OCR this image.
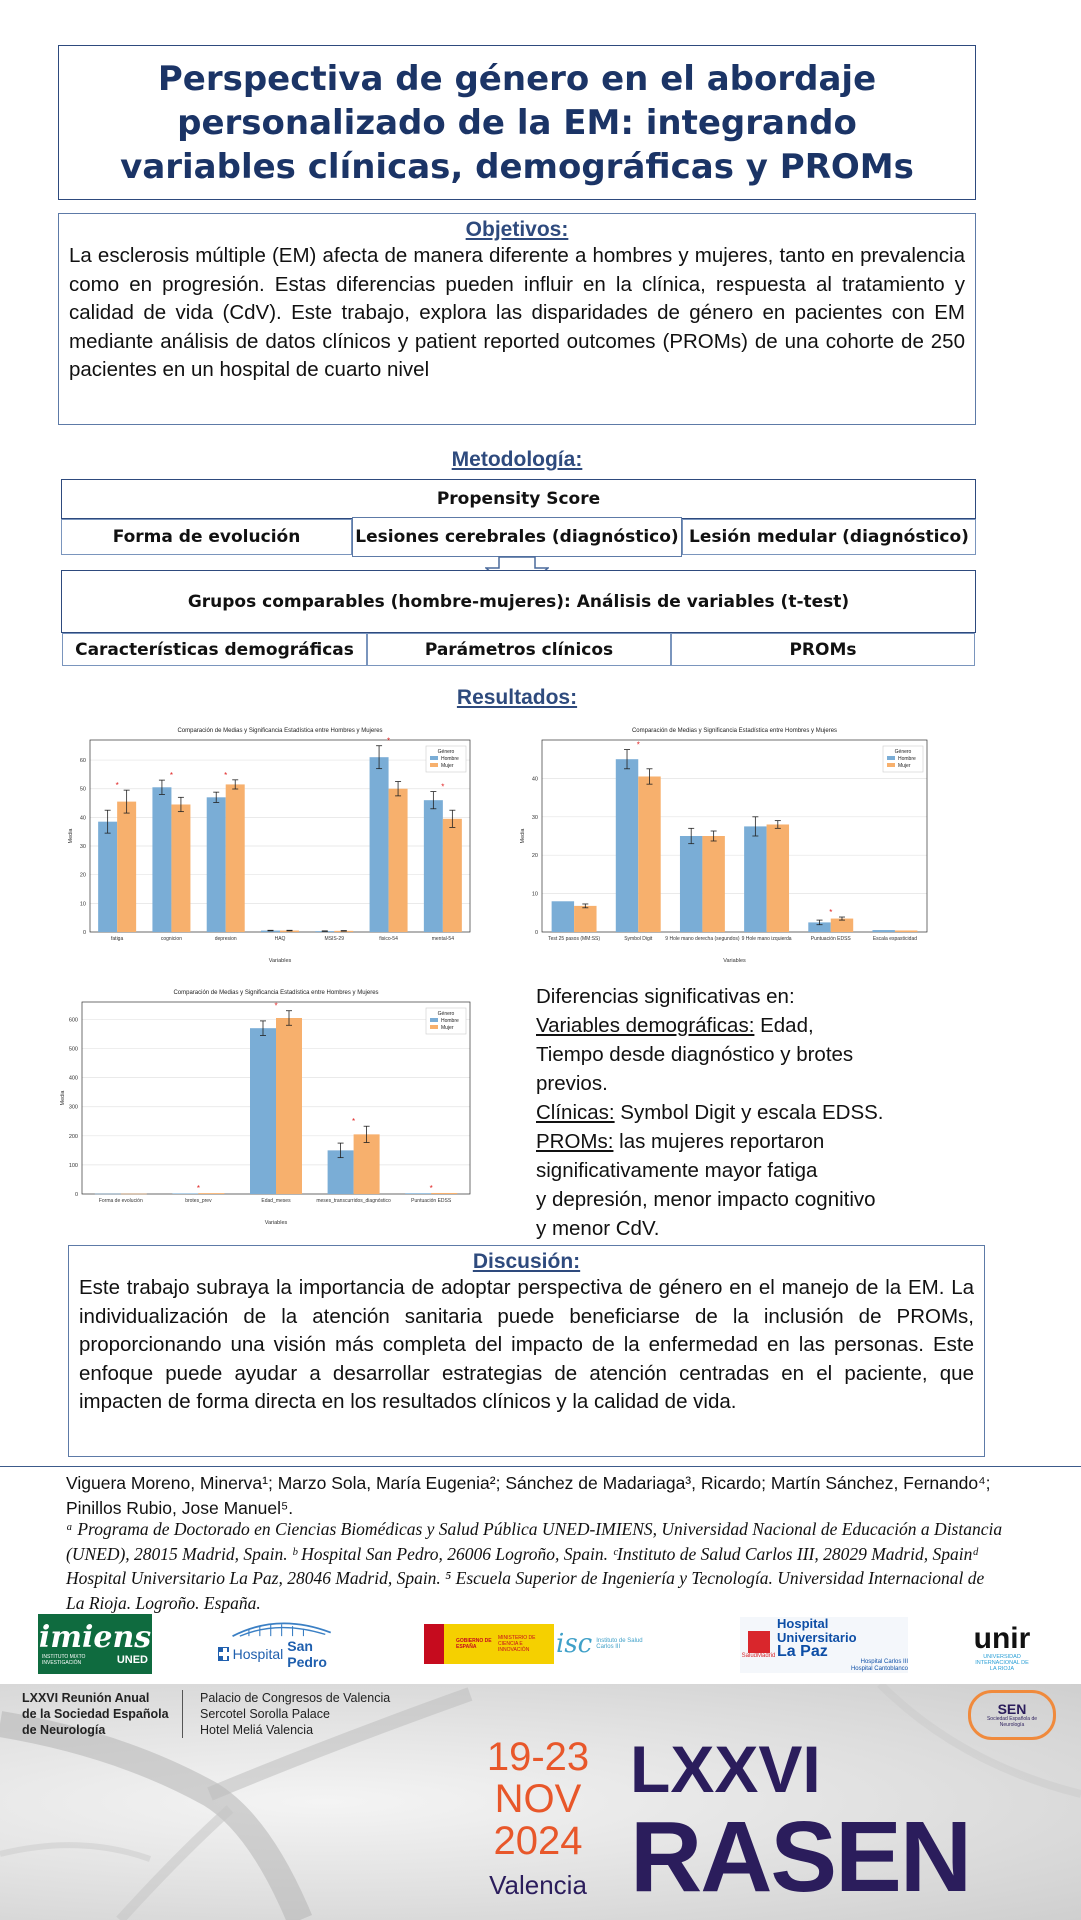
Perspectiva de género en el abordaje personalizado de la EM: integrando variables clínicas, demográficas y PROMs
Objetivos:

La esclerosis múltiple (EM) afecta de manera diferente a hombres y mujeres, tanto en prevalencia como en progresión. Estas diferencias pueden influir en la clínica, respuesta al tratamiento y calidad de vida (CdV). Este trabajo, explora las disparidades de género en pacientes con EM mediante análisis de datos clínicos y patient reported outcomes (PROMs) de una cohorte de 250 pacientes en un hospital de cuarto nivel

Metodología:
Propensity Score
Forma de evolución	Lesiones cerebrales (diagnóstico) Lesión medular (diagnóstico)
Grupos comparables (hombre-mujeres): Análisis de variables (t-test)
Características demográficas	Parámetros clínicos	PROMs
Resultados:
Comparación de Medias y Significancia Estadística entre Hombres y Mujeres
0
10
20
30
40
50
60
Media
Variables
*
fatiga
*
cognicion
*
depresion	HAQ	MSIS-29
*
fisico-54
*
mental-54
Género
Hombre
Mujer
Comparación de Medias y Significancia Estadística entre Hombres y Mujeres
0
10
20
30
40
Media
Variables
Test 25 pasos (MM:SS)
*
Symbol Digit	9 Hole mano derecha (segundos) 9 Hole mano izquierda
*
Puntuación EDSS	Escala espasticidad
Género
Hombre
Mujer
Comparación de Medias y Significancia Estadística entre Hombres y Mujeres
0
100
200
300
400
500
600
Media
Variables
Forma de evolución
*
brotes_prev
*
Edad_meses
*
meses_transcurridos_diagnóstico
*
Puntuación EDSS
Género
Hombre
Mujer
Diferencias significativas en:
Variables demográficas: Edad,
Tiempo desde diagnóstico y brotes
previos.
Clínicas: Symbol Digit y escala EDSS.
PROMs: las mujeres reportaron
significativamente mayor fatiga
y depresión, menor impacto cognitivo
y menor CdV.
Discusión:

Este trabajo subraya la importancia de adoptar perspectiva de género en el manejo de la EM. La individualización de la atención sanitaria puede beneficiarse de la inclusión de PROMs, proporcionando una visión más completa del impacto de la enfermedad en las personas. Este enfoque puede ayudar a desarrollar estrategias de atención centradas en el paciente, que impacten de forma directa en los resultados clínicos y la calidad de vida.

Viguera Moreno, Minerva¹; Marzo Sola, María Eugenia²; Sánchez de Madariaga³, Ricardo; Martín Sánchez, Fernando⁴; Pinillos Rubio, Jose Manuel⁵.
ᵃ Programa de Doctorado en Ciencias Biomédicas y Salud Pública UNED-IMIENS, Universidad Nacional de Educación a Distancia (UNED), 28015 Madrid, Spain. ᵇ Hospital San Pedro, 26006 Logroño, Spain. ᶜInstituto de Salud Carlos III, 28029 Madrid, Spainᵈ Hospital Universitario La Paz, 28046 Madrid, Spain. ⁵ Escuela Superior de Ingeniería y Tecnología. Universidad Internacional de La Rioja. Logroño. España.
imiens
INSTITUTO MIXTO INVESTIGACIÓN	UNED	Hospital San Pedro
GOBIERNO DE ESPAÑA
MINISTERIO DE CIENCIA E INNOVACIÓN	isc Instituto de Salud Carlos III
SaludMadrid
Hospital Universitario
La Paz
Hospital Carlos III
Hospital Cantoblanco
unir
UNIVERSIDAD INTERNACIONAL DE LA RIOJA
LXXVI Reunión Anual
de la Sociedad Española
de Neurología
Palacio de Congresos de Valencia
Sercotel Sorolla Palace
Hotel Meliá Valencia
19-23
NOV
2024
Valencia
LXXVI
RASEN
SEN
Sociedad Española de Neurología
